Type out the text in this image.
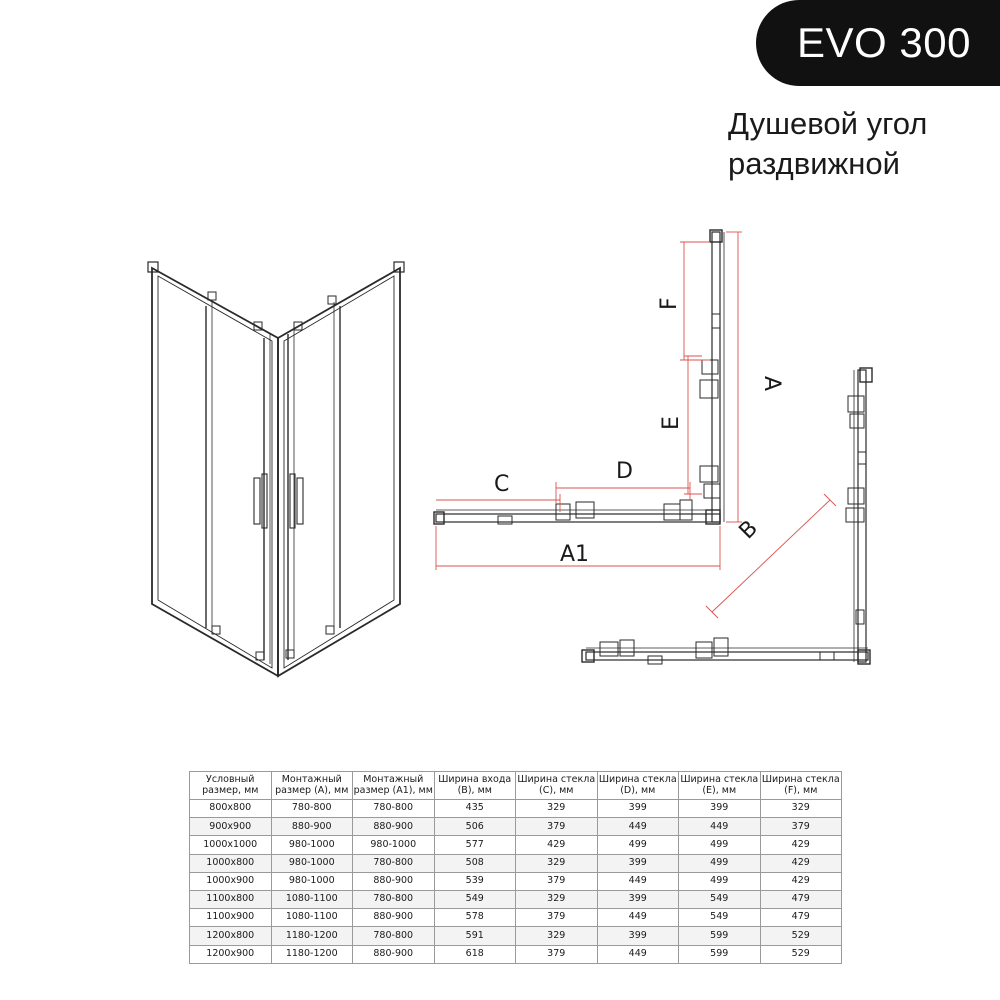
EVO 300
Душевой угол
раздвижной
A1
C
D
A
F
E
B
Условный размер, мм	Монтажный размер (А), мм	Монтажный размер (А1), мм	Ширина входа (В), мм	Ширина стекла (С), мм	Ширина стекла (D), мм	Ширина стекла (E), мм	Ширина стекла (F), мм
800x800	780-800	780-800	435	329	399	399	329
900x900	880-900	880-900	506	379	449	449	379
1000x1000	980-1000	980-1000	577	429	499	499	429
1000x800	980-1000	780-800	508	329	399	499	429
1000x900	980-1000	880-900	539	379	449	499	429
1100x800	1080-1100	780-800	549	329	399	549	479
1100x900	1080-1100	880-900	578	379	449	549	479
1200x800	1180-1200	780-800	591	329	399	599	529
1200x900	1180-1200	880-900	618	379	449	599	529
